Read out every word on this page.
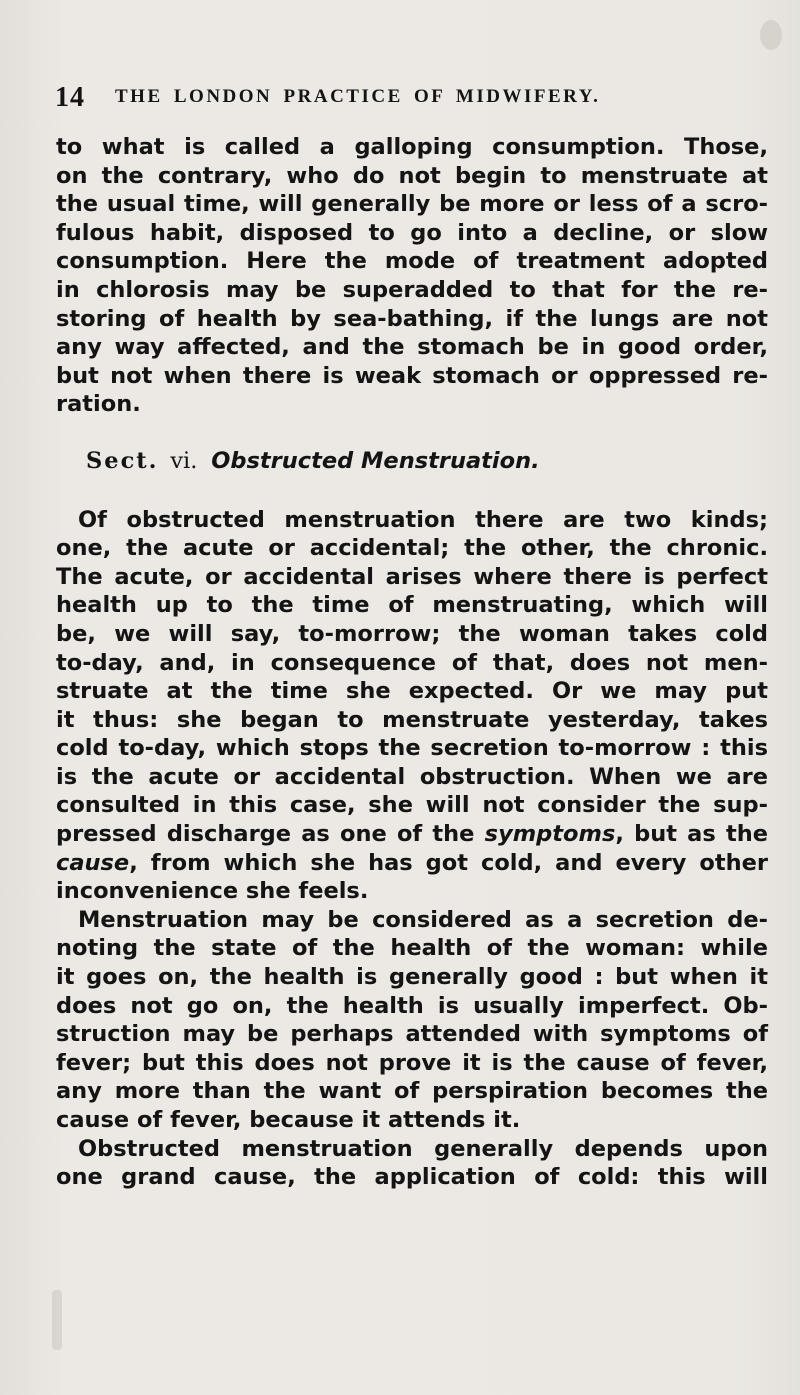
14 THE LONDON PRACTICE OF MIDWIFERY.
to what is called a galloping consumption. Those,
on the contrary, who do not begin to menstruate at
the usual time, will generally be more or less of a scro-
fulous habit, disposed to go into a decline, or slow
consumption. Here the mode of treatment adopted
in chlorosis may be superadded to that for the re-
storing of health by sea-bathing, if the lungs are not
any way affected, and the stomach be in good order,
but not when there is weak stomach or oppressed re-
ration.
Sect. vi. Obstructed Menstruation.
Of obstructed menstruation there are two kinds;
one, the acute or accidental; the other, the chronic.
The acute, or accidental arises where there is perfect
health up to the time of menstruating, which will
be, we will say, to-morrow; the woman takes cold
to-day, and, in consequence of that, does not men-
struate at the time she expected. Or we may put
it thus: she began to menstruate yesterday, takes
cold to-day, which stops the secretion to-morrow : this
is the acute or accidental obstruction. When we are
consulted in this case, she will not consider the sup-
pressed discharge as one of the symptoms, but as the
cause, from which she has got cold, and every other
inconvenience she feels.
Menstruation may be considered as a secretion de-
noting the state of the health of the woman: while
it goes on, the health is generally good : but when it
does not go on, the health is usually imperfect. Ob-
struction may be perhaps attended with symptoms of
fever; but this does not prove it is the cause of fever,
any more than the want of perspiration becomes the
cause of fever, because it attends it.
Obstructed menstruation generally depends upon
one grand cause, the application of cold: this will
